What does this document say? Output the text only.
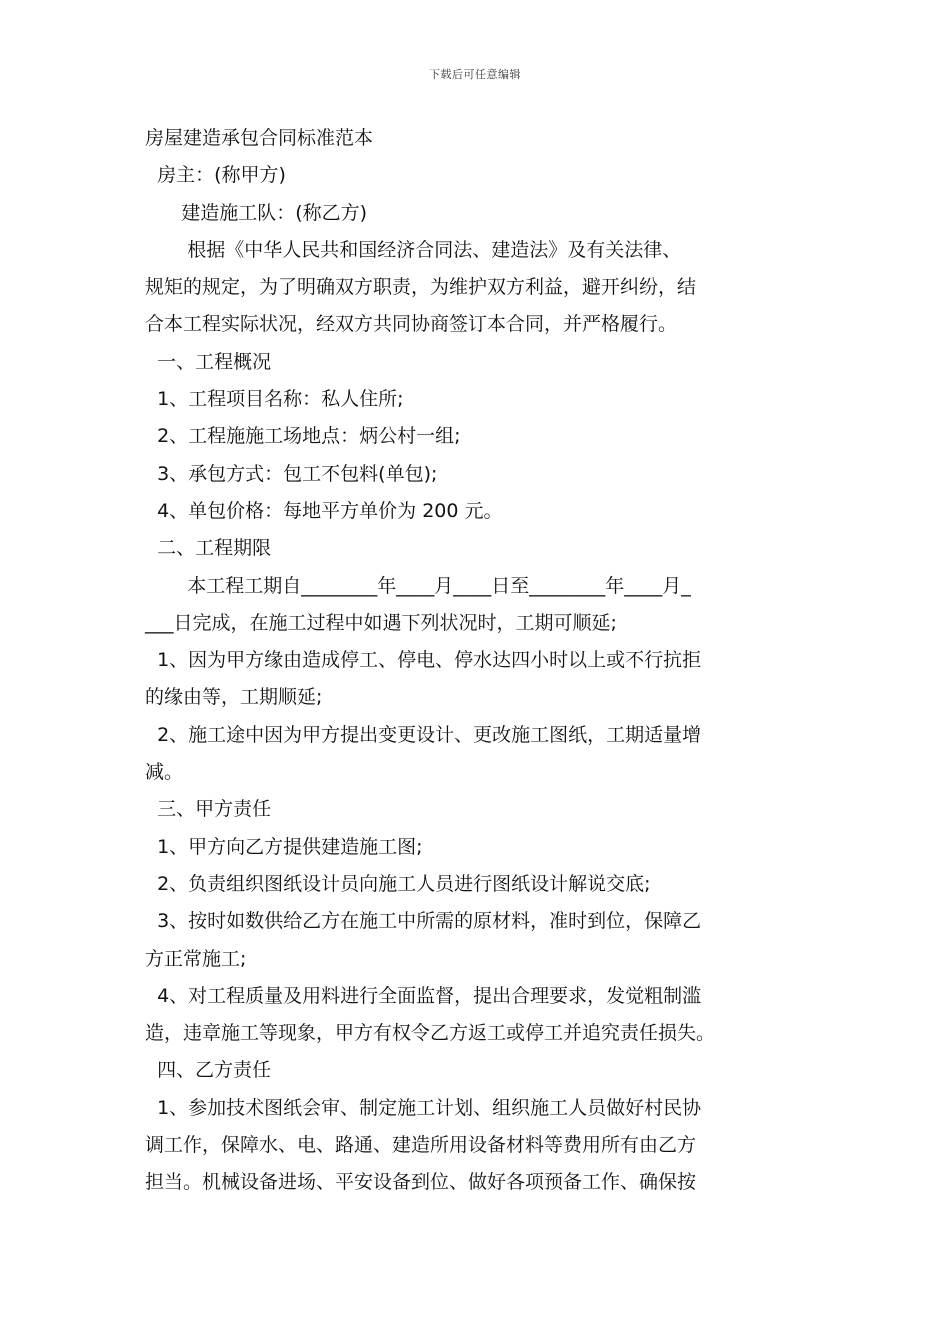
下载后可任意编辑
房屋建造承包合同标准范本
房主：(称甲方)
建造施工队：(称乙方)
根据《中华人民共和国经济合同法、建造法》及有关法律、
规矩的规定，为了明确双方职责，为维护双方利益，避开纠纷，结
合本工程实际状况，经双方共同协商签订本合同，并严格履行。
一、工程概况
1、工程项目名称：私人住所;
2、工程施施工场地点：炳公村一组;
3、承包方式：包工不包料(单包);
4、单包价格：每地平方单价为 200 元。
二、工程期限
本工程工期自________年____月____日至________年____月_
___日完成，在施工过程中如遇下列状况时，工期可顺延;
1、因为甲方缘由造成停工、停电、停水达四小时以上或不行抗拒
的缘由等，工期顺延;
2、施工途中因为甲方提出变更设计、更改施工图纸，工期适量增
减。
三、甲方责任
1、甲方向乙方提供建造施工图;
2、负责组织图纸设计员向施工人员进行图纸设计解说交底;
3、按时如数供给乙方在施工中所需的原材料，准时到位，保障乙
方正常施工;
4、对工程质量及用料进行全面监督，提出合理要求，发觉粗制滥
造，违章施工等现象，甲方有权令乙方返工或停工并追究责任损失。
四、乙方责任
1、参加技术图纸会审、制定施工计划、组织施工人员做好村民协
调工作，保障水、电、路通、建造所用设备材料等费用所有由乙方
担当。机械设备进场、平安设备到位、做好各项预备工作、确保按
